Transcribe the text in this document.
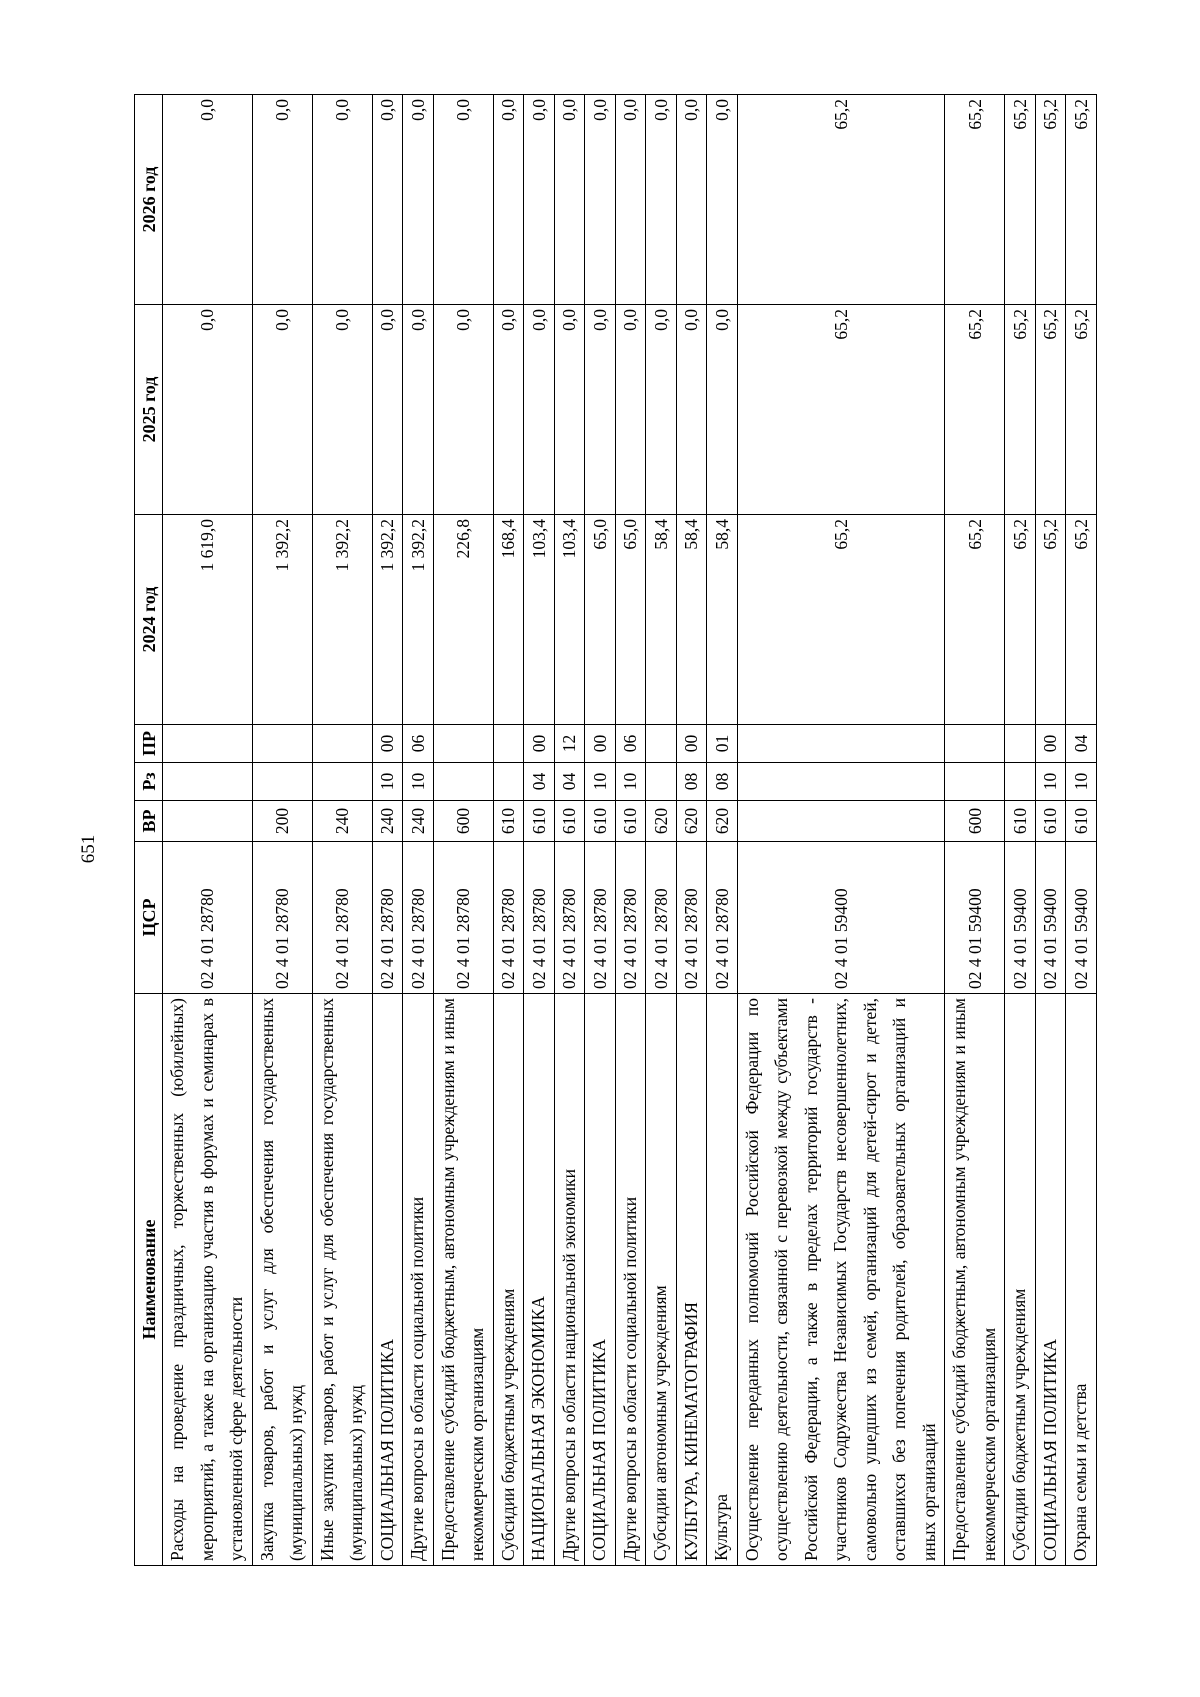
651
Наименование	ЦСР	ВР	Рз	ПР	2024 год	2025 год	2026 год
Расходы на проведение праздничных, торжественных (юбилейных) мероприятий, а также на организацию участия в форумах и семинарах в установленной сфере деятельности	02 4 01 28780				1 619,0	0,0	0,0
Закупка товаров, работ и услуг для обеспечения государственных (муниципальных) нужд	02 4 01 28780	200			1 392,2	0,0	0,0
Иные закупки товаров, работ и услуг для обеспечения государственных (муниципальных) нужд	02 4 01 28780	240			1 392,2	0,0	0,0
СОЦИАЛЬНАЯ ПОЛИТИКА	02 4 01 28780	240	10	00	1 392,2	0,0	0,0
Другие вопросы в области социальной политики	02 4 01 28780	240	10	06	1 392,2	0,0	0,0
Предоставление субсидий бюджетным, автономным учреждениям и иным некоммерческим организациям	02 4 01 28780	600			226,8	0,0	0,0
Субсидии бюджетным учреждениям	02 4 01 28780	610			168,4	0,0	0,0
НАЦИОНАЛЬНАЯ ЭКОНОМИКА	02 4 01 28780	610	04	00	103,4	0,0	0,0
Другие вопросы в области национальной экономики	02 4 01 28780	610	04	12	103,4	0,0	0,0
СОЦИАЛЬНАЯ ПОЛИТИКА	02 4 01 28780	610	10	00	65,0	0,0	0,0
Другие вопросы в области социальной политики	02 4 01 28780	610	10	06	65,0	0,0	0,0
Субсидии автономным учреждениям	02 4 01 28780	620			58,4	0,0	0,0
КУЛЬТУРА, КИНЕМАТОГРАФИЯ	02 4 01 28780	620	08	00	58,4	0,0	0,0
Культура	02 4 01 28780	620	08	01	58,4	0,0	0,0
Осуществление переданных полномочий Российской Федерации по осуществлению деятельности, связанной с перевозкой между субъектами Российской Федерации, а также в пределах территорий государств - участников Содружества Независимых Государств несовершеннолетних, самовольно ушедших из семей, организаций для детей-сирот и детей, оставшихся без попечения родителей, образовательных организаций и иных организаций	02 4 01 59400				65,2	65,2	65,2
Предоставление субсидий бюджетным, автономным учреждениям и иным некоммерческим организациям	02 4 01 59400	600			65,2	65,2	65,2
Субсидии бюджетным учреждениям	02 4 01 59400	610			65,2	65,2	65,2
СОЦИАЛЬНАЯ ПОЛИТИКА	02 4 01 59400	610	10	00	65,2	65,2	65,2
Охрана семьи и детства	02 4 01 59400	610	10	04	65,2	65,2	65,2
